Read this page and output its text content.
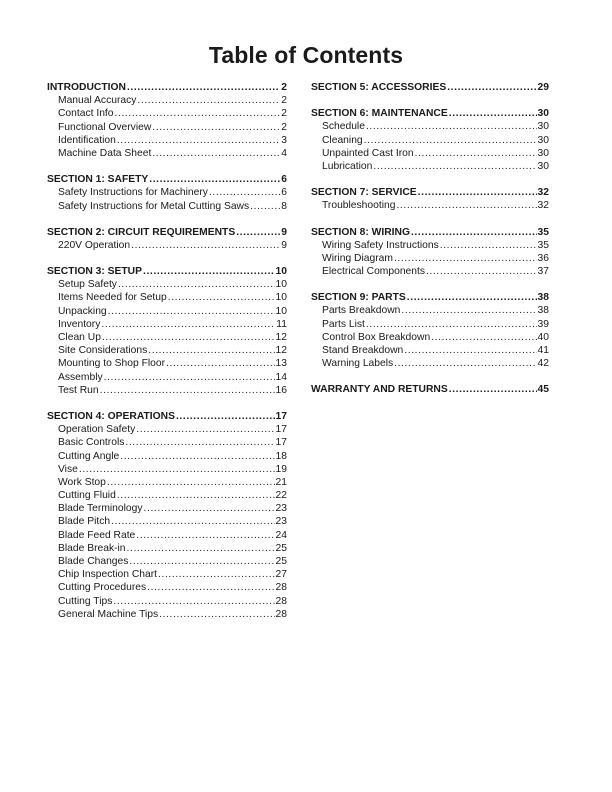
Table of Contents
INTRODUCTION .....	2
Manual Accuracy .....	2
Contact Info .....	2
Functional Overview .....	2
Identification .....	3
Machine Data Sheet .....	4
SECTION 1: SAFETY .....	6
Safety Instructions for Machinery .....	6
Safety Instructions for Metal Cutting Saws .....	8
SECTION 2: CIRCUIT REQUIREMENTS .....	9
220V Operation .....	9
SECTION 3: SETUP .....	10
Setup Safety .....	10
Items Needed for Setup .....	10
Unpacking .....	10
Inventory .....	11
Clean Up .....	12
Site Considerations .....	12
Mounting to Shop Floor .....	13
Assembly .....	14
Test Run .....	16
SECTION 4: OPERATIONS .....	17
Operation Safety .....	17
Basic Controls .....	17
Cutting Angle .....	18
Vise .....	19
Work Stop .....	21
Cutting Fluid .....	22
Blade Terminology .....	23
Blade Pitch .....	23
Blade Feed Rate .....	24
Blade Break-in .....	25
Blade Changes .....	25
Chip Inspection Chart .....	27
Cutting Procedures .....	28
Cutting Tips .....	28
General Machine Tips .....	28
SECTION 5: ACCESSORIES .....	29
SECTION 6: MAINTENANCE .....	30
Schedule .....	30
Cleaning .....	30
Unpainted Cast Iron .....	30
Lubrication .....	30
SECTION 7: SERVICE .....	32
Troubleshooting .....	32
SECTION 8: WIRING .....	35
Wiring Safety Instructions .....	35
Wiring Diagram .....	36
Electrical Components .....	37
SECTION 9: PARTS .....	38
Parts Breakdown .....	38
Parts List .....	39
Control Box Breakdown .....	40
Stand Breakdown .....	41
Warning Labels .....	42
WARRANTY AND RETURNS .....	45
